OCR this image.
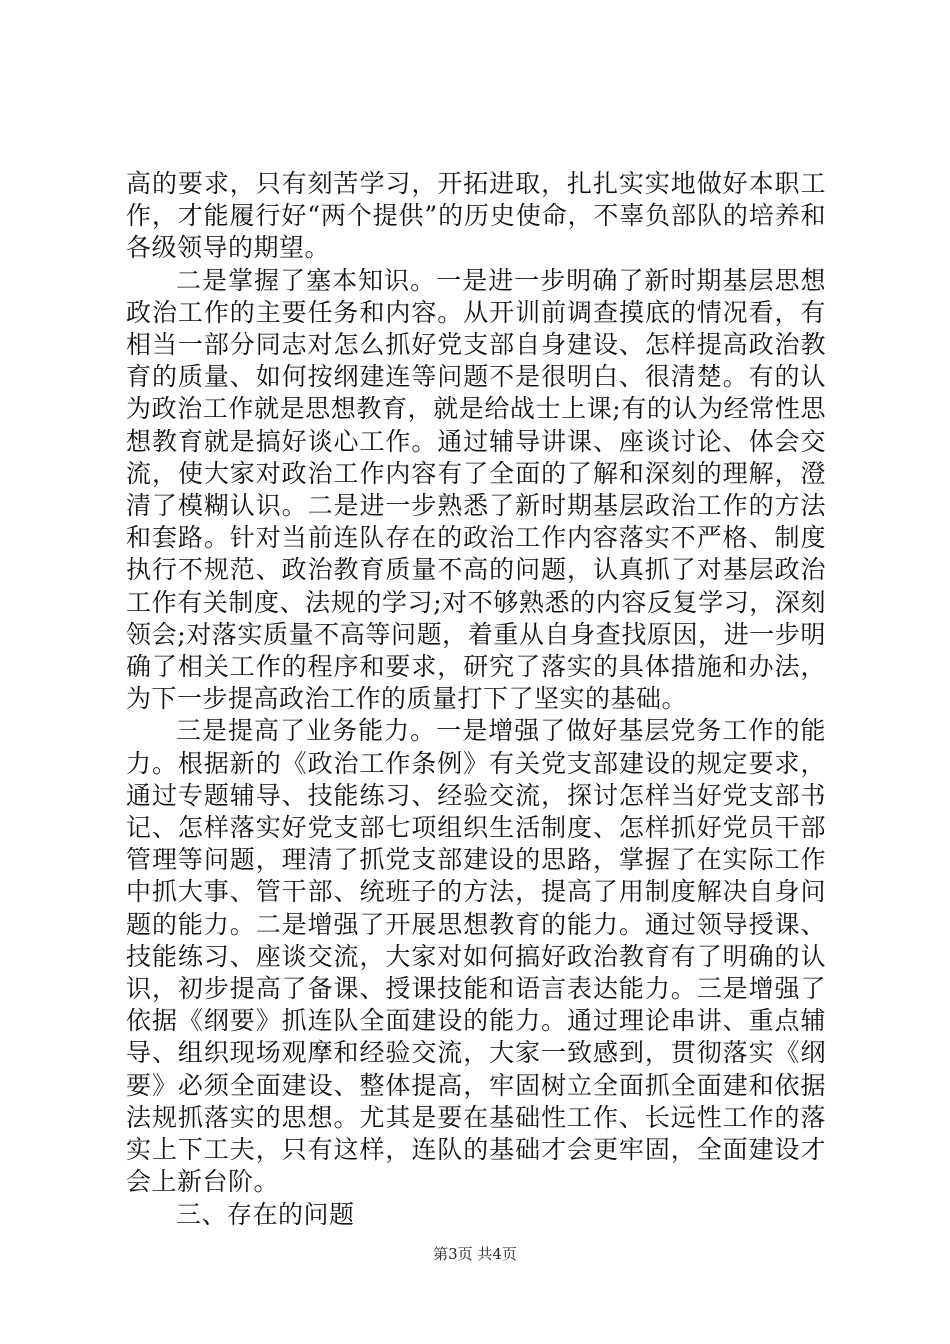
高的要求，只有刻苦学习，开拓进取，扎扎实实地做好本职工作，才能履行好“两个提供”的历史使命，不辜负部队的培养和各级领导的期望。

二是掌握了塞本知识。一是进一步明确了新时期基层思想政治工作的主要任务和内容。从开训前调查摸底的情况看，有相当一部分同志对怎么抓好党支部自身建设、怎样提高政治教育的质量、如何按纲建连等问题不是很明白、很清楚。有的认为政治工作就是思想教育，就是给战士上课;有的认为经常性思想教育就是搞好谈心工作。通过辅导讲课、座谈讨论、体会交流，使大家对政治工作内容有了全面的了解和深刻的理解，澄清了模糊认识。二是进一步熟悉了新时期基层政治工作的方法和套路。针对当前连队存在的政治工作内容落实不严格、制度执行不规范、政治教育质量不高的问题，认真抓了对基层政治工作有关制度、法规的学习;对不够熟悉的内容反复学习，深刻领会;对落实质量不高等问题，着重从自身查找原因，进一步明确了相关工作的程序和要求，研究了落实的具体措施和办法，为下一步提高政治工作的质量打下了坚实的基础。

三是提高了业务能力。一是增强了做好基层党务工作的能力。根据新的《政治工作条例》有关党支部建设的规定要求，通过专题辅导、技能练习、经验交流，探讨怎样当好党支部书记、怎样落实好党支部七项组织生活制度、怎样抓好党员干部管理等问题，理清了抓党支部建设的思路，掌握了在实际工作中抓大事、管干部、统班子的方法，提高了用制度解决自身问题的能力。二是增强了开展思想教育的能力。通过领导授课、技能练习、座谈交流，大家对如何搞好政治教育有了明确的认识，初步提高了备课、授课技能和语言表达能力。三是增强了依据《纲要》抓连队全面建设的能力。通过理论串讲、重点辅导、组织现场观摩和经验交流，大家一致感到，贯彻落实《纲要》必须全面建设、整体提高，牢固树立全面抓全面建和依据法规抓落实的思想。尤其是要在基础性工作、长远性工作的落实上下工夫，只有这样，连队的基础才会更牢固，全面建设才会上新台阶。

三、存在的问题

第3页 共4页
